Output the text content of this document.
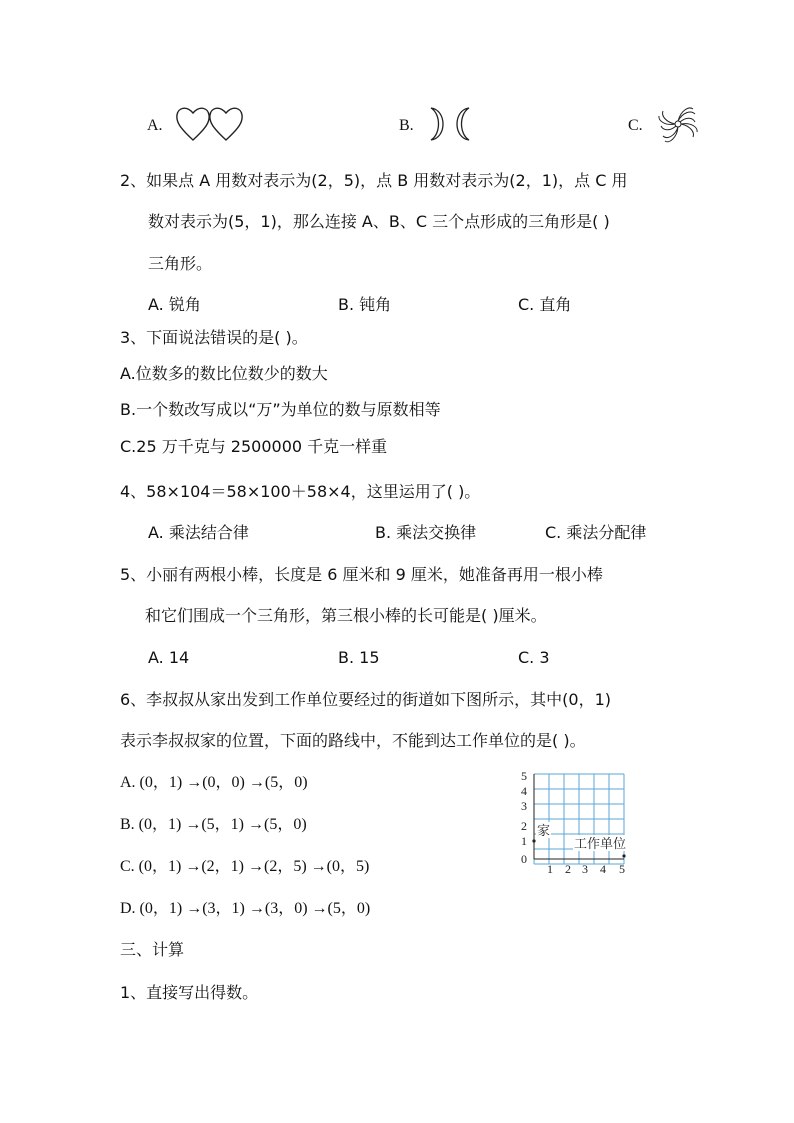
A.	B.	C.
2、如果点 A 用数对表示为(2，5)，点 B 用数对表示为(2，1)，点 C 用
数对表示为(5，1)，那么连接 A、B、C 三个点形成的三角形是( )
三角形。
A. 锐角	B. 钝角	C. 直角
3、下面说法错误的是( )。
A.位数多的数比位数少的数大
B.一个数改写成以“万”为单位的数与原数相等
C.25 万千克与 2500000 千克一样重
4、58×104＝58×100＋58×4，这里运用了( )。
A. 乘法结合律	B. 乘法交换律	C. 乘法分配律
5、小丽有两根小棒，长度是 6 厘米和 9 厘米，她准备再用一根小棒
和它们围成一个三角形，第三根小棒的长可能是( )厘米。
A. 14	B. 15	C. 3
6、李叔叔从家出发到工作单位要经过的街道如下图所示，其中(0，1)
表示李叔叔家的位置，下面的路线中，不能到达工作单位的是( )。
A. (0，1) →(0，0) →(5，0)
B. (0，1) →(5，1) →(5，0)
C. (0，1) →(2，1) →(2，5) →(0，5)
D. (0，1) →(3，1) →(3，0) →(5，0)
5
4
3
2
1
0
1 2 3 4 5
家
工作单位
三、计算
1、直接写出得数。
